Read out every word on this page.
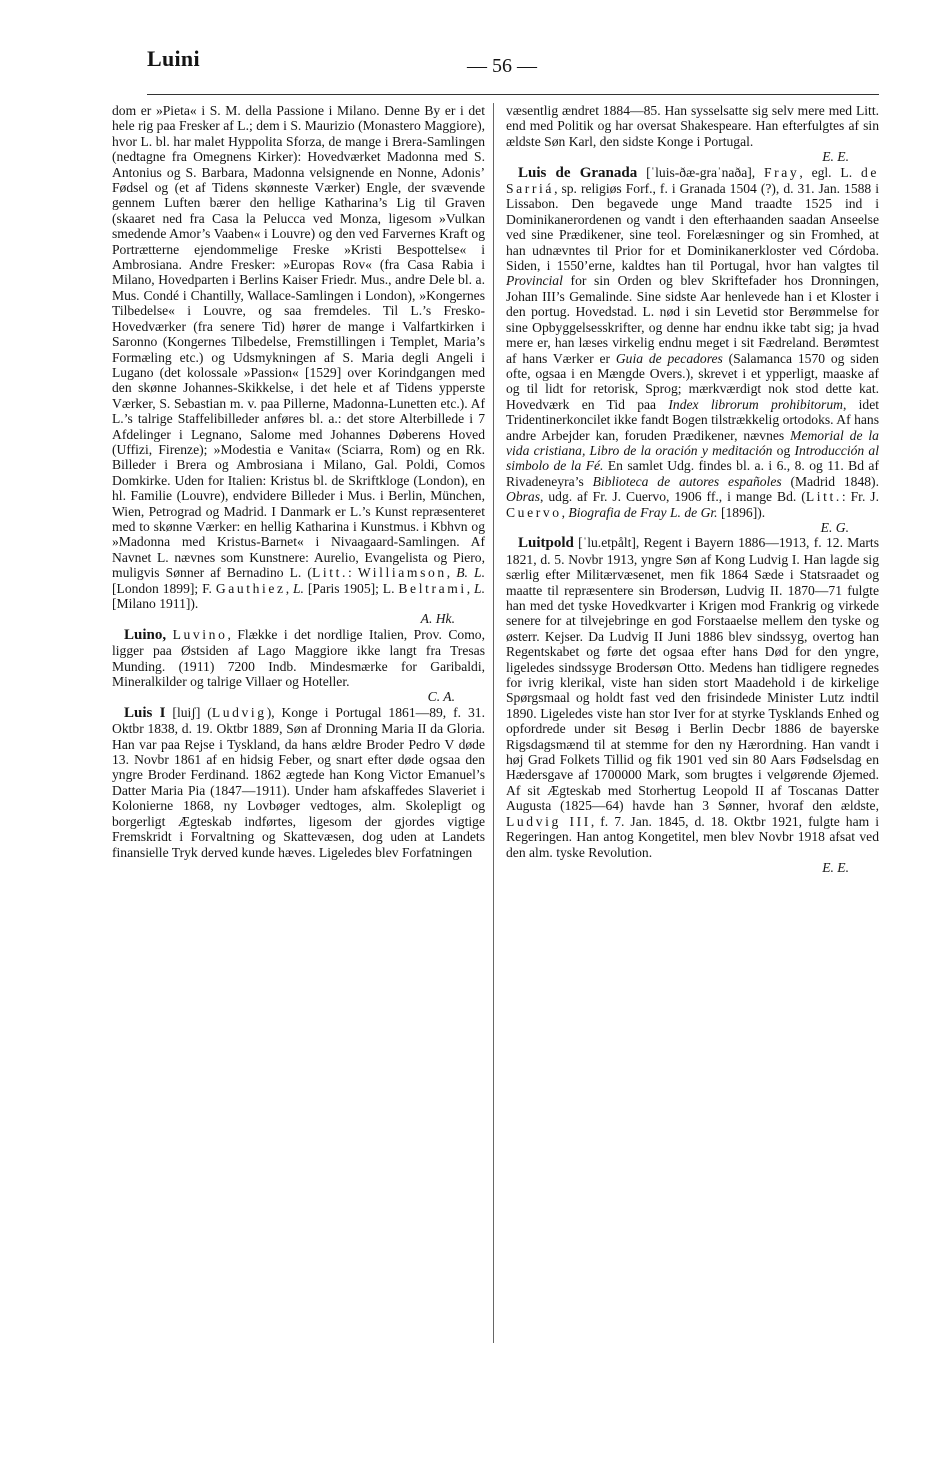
Luini	— 56 —

dom er »Pieta« i S. M. della Passione i Milano. Denne By er i det hele rig paa Fresker af L.; dem i S. Maurizio (Monastero Maggiore), hvor L. bl. har malet Hyppolita Sforza, de mange i Brera-Samlingen (nedtagne fra Omegnens Kirker): Hovedværket Madonna med S. Antonius og S. Barbara, Madonna velsignende en Nonne, Adonis’ Fødsel og (et af Tidens skønneste Værker) Engle, der svævende gennem Luften bærer den hellige Katharina’s Lig til Graven (skaaret ned fra Casa la Pelucca ved Monza, ligesom »Vulkan smedende Amor’s Vaaben« i Louvre) og den ved Farvernes Kraft og Portrætterne ejendommelige Freske »Kristi Bespottelse« i Ambrosiana. Andre Fresker: »Europas Rov« (fra Casa Rabia i Milano, Hovedparten i Berlins Kaiser Friedr. Mus., andre Dele bl. a. Mus. Condé i Chantilly, Wallace-Samlingen i London), »Kongernes Tilbedelse« i Louvre, og saa fremdeles. Til L.’s Fresko-Hovedværker (fra senere Tid) hører de mange i Valfartkirken i Saronno (Kongernes Tilbedelse, Fremstillingen i Templet, Maria’s Formæling etc.) og Udsmykningen af S. Maria degli Angeli i Lugano (det kolossale »Passion« [1529] over Korindgangen med den skønne Johannes-Skikkelse, i det hele et af Tidens ypperste Værker, S. Sebastian m. v. paa Pillerne, Madonna-Lunetten etc.). Af L.’s talrige Staffelibilleder anføres bl. a.: det store Alterbillede i 7 Afdelinger i Legnano, Salome med Johannes Døberens Hoved (Uffizi, Firenze); »Modestia e Vanita« (Sciarra, Rom) og en Rk. Billeder i Brera og Ambrosiana i Milano, Gal. Poldi, Comos Domkirke. Uden for Italien: Kristus bl. de Skriftkloge (London), en hl. Familie (Louvre), endvidere Billeder i Mus. i Berlin, München, Wien, Petrograd og Madrid. I Danmark er L.’s Kunst repræsenteret med to skønne Værker: en hellig Katharina i Kunstmus. i Kbhvn og »Madonna med Kristus-Barnet« i Nivaagaard-Samlingen. Af Navnet L. nævnes som Kunstnere: Aurelio, Evangelista og Piero, muligvis Sønner af Bernadino L. (Litt.: Williamson, B. L. [London 1899]; F. Gauthiez, L. [Paris 1905]; L. Beltrami, L. [Milano 1911]).
A. Hk.

Luino, Luvino, Flække i det nordlige Italien, Prov. Como, ligger paa Østsiden af Lago Maggiore ikke langt fra Tresas Munding. (1911) 7200 Indb. Mindesmærke for Garibaldi, Mineralkilder og talrige Villaer og Hoteller.
C. A.

Luis I [luiʃ] (Ludvig), Konge i Portugal 1861—89, f. 31. Oktbr 1838, d. 19. Oktbr 1889, Søn af Dronning Maria II da Gloria. Han var paa Rejse i Tyskland, da hans ældre Broder Pedro V døde 13. Novbr 1861 af en hidsig Feber, og snart efter døde ogsaa den yngre Broder Ferdinand. 1862 ægtede han Kong Victor Emanuel’s Datter Maria Pia (1847—1911). Under ham afskaffedes Slaveriet i Kolonierne 1868, ny Lovbøger vedtoges, alm. Skolepligt og borgerligt Ægteskab indførtes, ligesom der gjordes vigtige Fremskridt i Forvaltning og Skattevæsen, dog uden at Landets finansielle Tryk derved kunde hæves. Ligeledes blev Forfatningen

væsentlig ændret 1884—85. Han sysselsatte sig selv mere med Litt. end med Politik og har oversat Shakespeare. Han efterfulgtes af sin ældste Søn Karl, den sidste Konge i Portugal.
E. E.

Luis de Granada [ˈluis-ðæ-graˈnaða], Fray, egl. L. de Sarriá, sp. religiøs Forf., f. i Granada 1504 (?), d. 31. Jan. 1588 i Lissabon. Den begavede unge Mand traadte 1525 ind i Dominikanerordenen og vandt i den efterhaanden saadan Anseelse ved sine Prædikener, sine teol. Forelæsninger og sin Fromhed, at han udnævntes til Prior for et Dominikanerkloster ved Córdoba. Siden, i 1550’erne, kaldtes han til Portugal, hvor han valgtes til Provincial for sin Orden og blev Skriftefader hos Dronningen, Johan III’s Gemalinde. Sine sidste Aar henlevede han i et Kloster i den portug. Hovedstad. L. nød i sin Levetid stor Berømmelse for sine Opbyggelsesskrifter, og denne har endnu ikke tabt sig; ja hvad mere er, han læses virkelig endnu meget i sit Fædreland. Berømtest af hans Værker er Guia de pecadores (Salamanca 1570 og siden ofte, ogsaa i en Mængde Overs.), skrevet i et ypperligt, maaske af og til lidt for retorisk, Sprog; mærkværdigt nok stod dette kat. Hovedværk en Tid paa Index librorum prohibitorum, idet Tridentinerkoncilet ikke fandt Bogen tilstrækkelig ortodoks. Af hans andre Arbejder kan, foruden Prædikener, nævnes Memorial de la vida cristiana, Libro de la oración y meditación og Introducción al simbolo de la Fé. En samlet Udg. findes bl. a. i 6., 8. og 11. Bd af Rivadeneyra’s Biblioteca de autores españoles (Madrid 1848). Obras, udg. af Fr. J. Cuervo, 1906 ff., i mange Bd. (Litt.: Fr. J. Cuervo, Biografia de Fray L. de Gr. [1896]).
E. G.

Luitpold [ˈlu.etpålt], Regent i Bayern 1886—1913, f. 12. Marts 1821, d. 5. Novbr 1913, yngre Søn af Kong Ludvig I. Han lagde sig særlig efter Militærvæsenet, men fik 1864 Sæde i Statsraadet og maatte til repræsentere sin Brodersøn, Ludvig II. 1870—71 fulgte han med det tyske Hovedkvarter i Krigen mod Frankrig og virkede senere for at tilvejebringe en god Forstaaelse mellem den tyske og østerr. Kejser. Da Ludvig II Juni 1886 blev sindssyg, overtog han Regentskabet og førte det ogsaa efter hans Død for den yngre, ligeledes sindssyge Brodersøn Otto. Medens han tidligere regnedes for ivrig klerikal, viste han siden stort Maadehold i de kirkelige Spørgsmaal og holdt fast ved den frisindede Minister Lutz indtil 1890. Ligeledes viste han stor Iver for at styrke Tysklands Enhed og opfordrede under sit Besøg i Berlin Decbr 1886 de bayerske Rigsdagsmænd til at stemme for den ny Hærordning. Han vandt i høj Grad Folkets Tillid og fik 1901 ved sin 80 Aars Fødselsdag en Hædersgave af 1700000 Mark, som brugtes i velgørende Øjemed. Af sit Ægteskab med Storhertug Leopold II af Toscanas Datter Augusta (1825—64) havde han 3 Sønner, hvoraf den ældste, Ludvig III, f. 7. Jan. 1845, d. 18. Oktbr 1921, fulgte ham i Regeringen. Han antog Kongetitel, men blev Novbr 1918 afsat ved den alm. tyske Revolution.
E. E.
